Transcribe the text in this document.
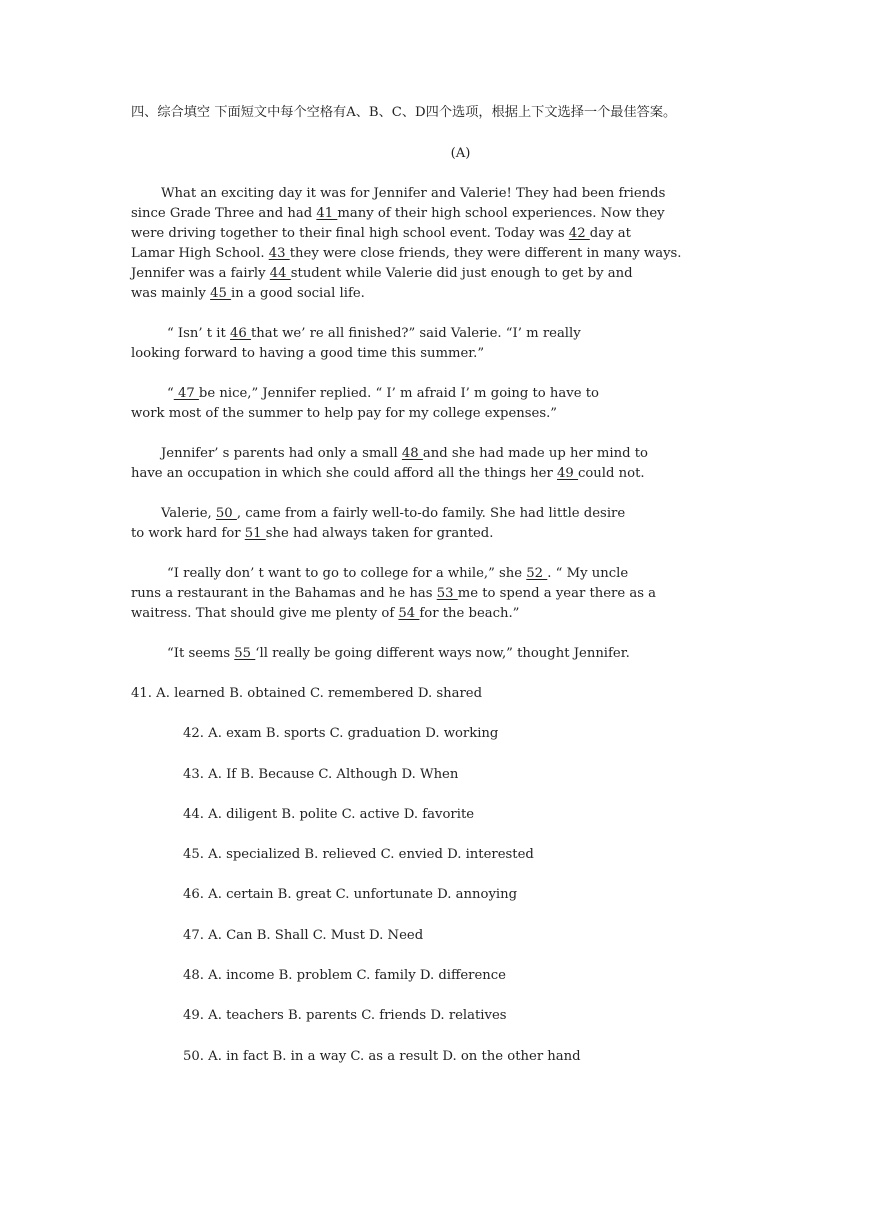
四、综合填空 下面短文中每个空格有A、B、C、D四个选项，根据上下文选择一个最佳答案。

(A)

What an exciting day it was for Jennifer and Valerie! They had been friends
since Grade Three and had 41 many of their high school experiences. Now they
were driving together to their final high school event. Today was 42 day at
Lamar High School. 43 they were close friends, they were different in many ways.
Jennifer was a fairly 44 student while Valerie did just enough to get by and
was mainly 45 in a good social life.

“ Isn’ t it 46 that we’ re all finished?” said Valerie. “I’ m really
looking forward to having a good time this summer.”

“ 47 be nice,” Jennifer replied. “ I’ m afraid I’ m going to have to
work most of the summer to help pay for my college expenses.”

Jennifer’ s parents had only a small 48 and she had made up her mind to
have an occupation in which she could afford all the things her 49 could not.

Valerie, 50 , came from a fairly well-to-do family. She had little desire
to work hard for 51 she had always taken for granted.

“I really don’ t want to go to college for a while,” she 52 . “ My uncle
runs a restaurant in the Bahamas and he has 53 me to spend a year there as a
waitress. That should give me plenty of 54 for the beach.”

“It seems 55 ‘ll really be going different ways now,” thought Jennifer.

41. A. learned B. obtained C. remembered D. shared
42. A. exam B. sports C. graduation D. working
43. A. If B. Because C. Although D. When
44. A. diligent B. polite C. active D. favorite
45. A. specialized B. relieved C. envied D. interested
46. A. certain B. great C. unfortunate D. annoying
47. A. Can B. Shall C. Must D. Need
48. A. income B. problem C. family D. difference
49. A. teachers B. parents C. friends D. relatives
50. A. in fact B. in a way C. as a result D. on the other hand
